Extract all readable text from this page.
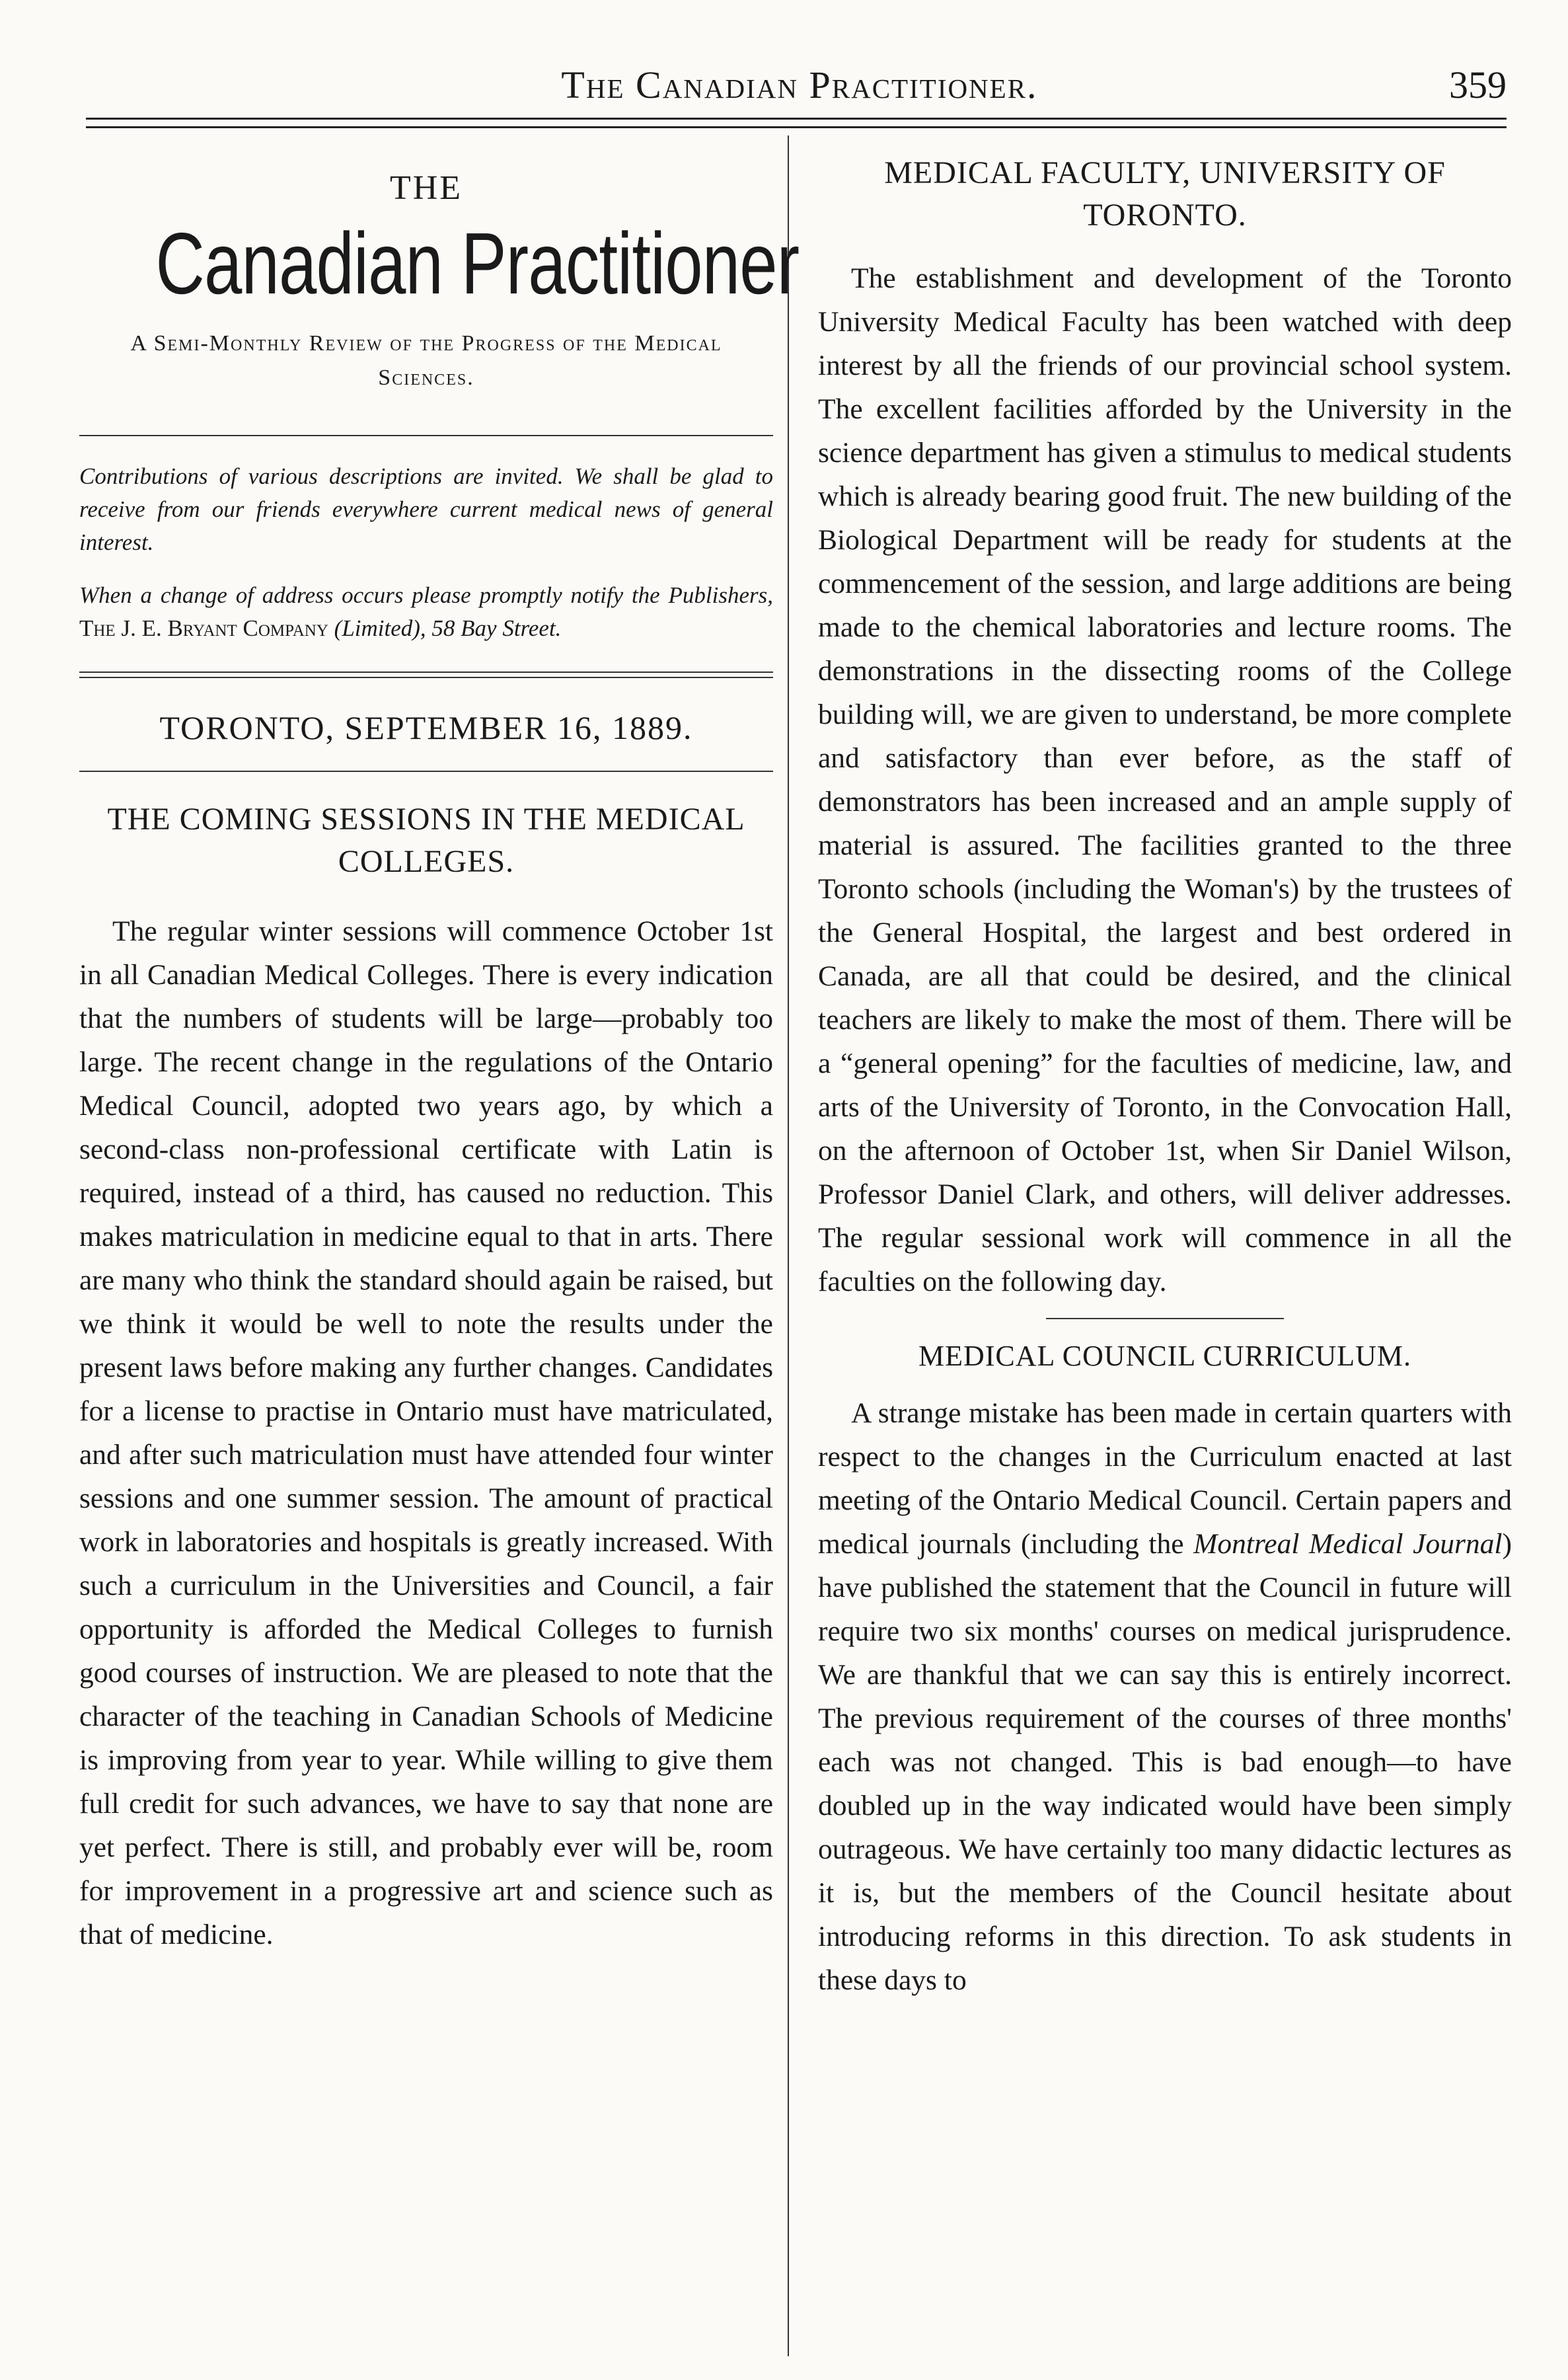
The Canadian Practitioner.	359
THE
Canadian Practitioner
A Semi-Monthly Review of the Progress of the Medical Sciences.

Contributions of various descriptions are invited. We shall be glad to receive from our friends everywhere current medical news of general interest.

When a change of address occurs please promptly notify the Publishers, The J. E. Bryant Company (Limited), 58 Bay Street.

TORONTO, SEPTEMBER 16, 1889.
THE COMING SESSIONS IN THE MEDICAL COLLEGES.

The regular winter sessions will commence October 1st in all Canadian Medical Colleges. There is every indication that the numbers of students will be large—probably too large. The recent change in the regulations of the Ontario Medical Council, adopted two years ago, by which a second-class non-professional certificate with Latin is required, instead of a third, has caused no reduction. This makes matriculation in medicine equal to that in arts. There are many who think the standard should again be raised, but we think it would be well to note the results under the present laws before making any further changes. Candidates for a license to practise in Ontario must have matriculated, and after such matriculation must have attended four winter sessions and one summer session. The amount of practical work in laboratories and hospitals is greatly increased. With such a curriculum in the Universities and Council, a fair opportunity is afforded the Medical Colleges to furnish good courses of instruction. We are pleased to note that the character of the teaching in Canadian Schools of Medicine is improving from year to year. While willing to give them full credit for such advances, we have to say that none are yet perfect. There is still, and probably ever will be, room for improvement in a progressive art and science such as that of medicine.

MEDICAL FACULTY, UNIVERSITY OF TORONTO.

The establishment and development of the Toronto University Medical Faculty has been watched with deep interest by all the friends of our provincial school system. The excellent facilities afforded by the University in the science department has given a stimulus to medical students which is already bearing good fruit. The new building of the Biological Department will be ready for students at the commencement of the session, and large additions are being made to the chemical laboratories and lecture rooms. The demonstrations in the dissecting rooms of the College building will, we are given to understand, be more complete and satisfactory than ever before, as the staff of demonstrators has been increased and an ample supply of material is assured. The facilities granted to the three Toronto schools (including the Woman's) by the trustees of the General Hospital, the largest and best ordered in Canada, are all that could be desired, and the clinical teachers are likely to make the most of them. There will be a “general opening” for the faculties of medicine, law, and arts of the University of Toronto, in the Convocation Hall, on the afternoon of October 1st, when Sir Daniel Wilson, Professor Daniel Clark, and others, will deliver addresses. The regular sessional work will commence in all the faculties on the following day.

MEDICAL COUNCIL CURRICULUM.

A strange mistake has been made in certain quarters with respect to the changes in the Curriculum enacted at last meeting of the Ontario Medical Council. Certain papers and medical journals (including the Montreal Medical Journal) have published the statement that the Council in future will require two six months' courses on medical jurisprudence. We are thankful that we can say this is entirely incorrect. The previous requirement of the courses of three months' each was not changed. This is bad enough—to have doubled up in the way indicated would have been simply outrageous. We have certainly too many didactic lectures as it is, but the members of the Council hesitate about introducing reforms in this direction. To ask students in these days to
